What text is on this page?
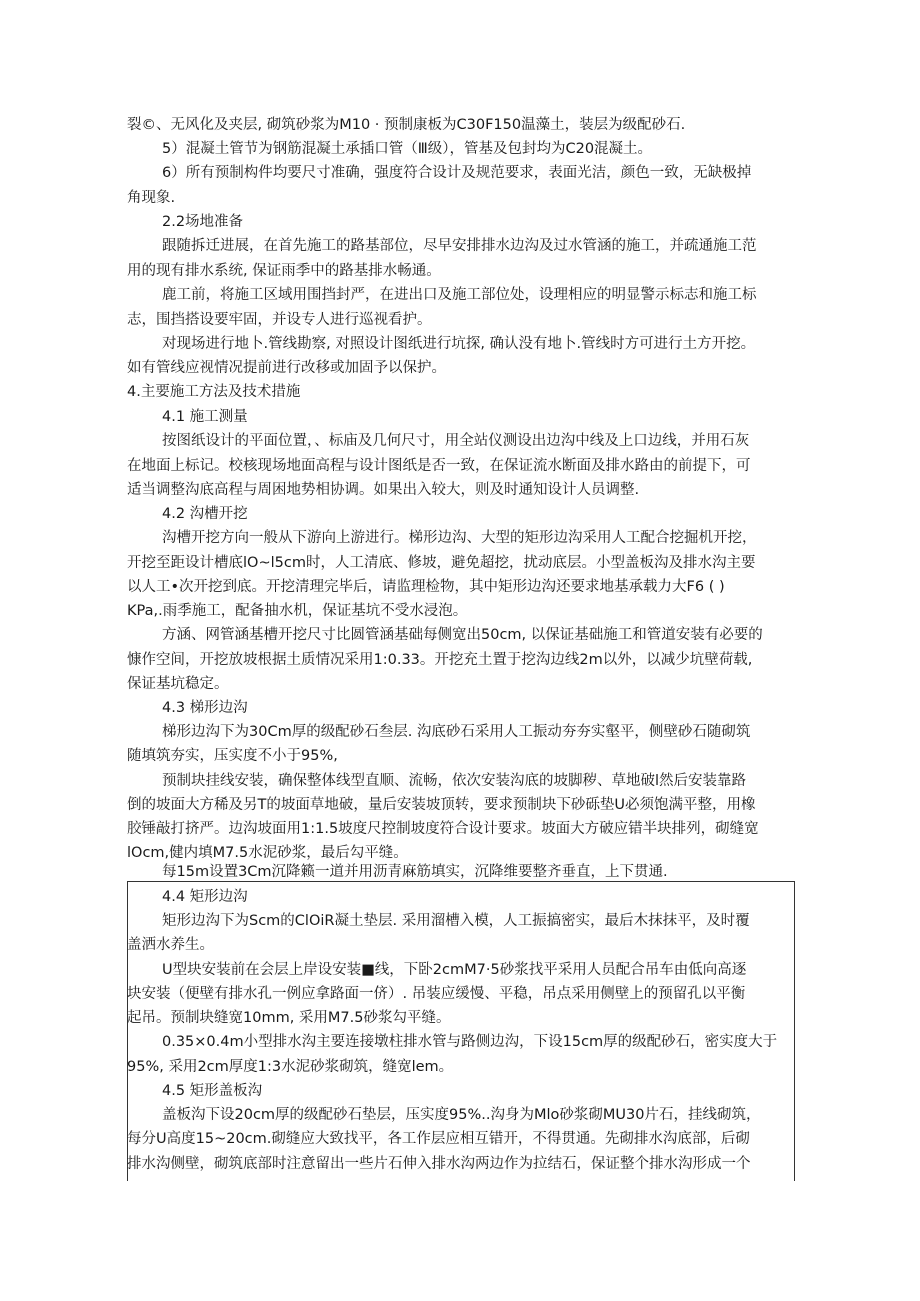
裂©、无风化及夹层, 砌筑砂浆为M10 · 预制康板为C30F150温藻土，装层为级配砂石.
5）混凝土管节为钢筋混凝土承插口管（Ⅲ级），管基及包封均为C20混凝土。
6）所有预制构件均要尺寸准确，强度符合设计及规范要求，表面光洁，颜色一致，无缺极掉
角现象.
2.2场地准备
跟随拆迁进展，在首先施工的路基部位，尽早安排排水边沟及过水管涵的施工，并疏通施工范
用的现有排水系统, 保证雨季中的路基排水畅通。
鹿工前，将施工区域用围挡封严，在进出口及施工部位处，设理相应的明显警示标志和施工标
志，围挡搭设要牢固，并设专人进行巡视看护。
对现场进行地卜.管线勘察, 对照设计图纸进行坑探, 确认没有地卜.管线时方可进行土方开挖。
如有管线应视情况提前进行改移或加固予以保护。
4.主要施工方法及技术措施
4.1 施工测量
按图纸设计的平面位置，、标庙及几何尺寸，用全站仪测设出边沟中线及上口边线，并用石灰
在地面上标记。校核现场地面高程与设计图纸是否一致，在保证流水断面及排水路由的前提下，可
适当调整沟底高程与周困地势相协调。如果出入较大，则及时通知设计人员调整.
4.2 沟槽开挖
沟槽开挖方向一般从下游向上游进行。梯形边沟、大型的矩形边沟采用人工配合挖掘机开挖，
开挖至距设计槽底lO~l5cm时，人工清底、修坡，避免超挖，扰动底层。小型盖板沟及排水沟主要
以人工•次开挖到底。开挖清理完毕后，请监理检物，其中矩形边沟还要求地基承载力大F6 ( )
KPa,.雨季施工，配备抽水机，保证基坑不受水浸泡。
方涵、网管涵基槽开挖尺寸比圆管涵基础每侧宽出50cm, 以保证基础施工和管道安装有必要的
慷作空间，开挖放坡根据土质情况采用1:0.33。开挖充土置于挖沟边线2m以外，以减少坑壁荷载,
保证基坑稳定。
4.3 梯形边沟
梯形边沟下为30Cm厚的级配砂石叁层. 沟底砂石采用人工振动夯夯实壑平，侧壁砂石随砌筑
随填筑夯实，压实度不小于95%,
预制块挂线安装，确保整体线型直顺、流畅，依次安装沟底的坡脚秽、草地破l然后安装靠路
倒的坡面大方稀及另T的坡面草地破，量后安装坡顶转，要求预制块下砂砾垫U必须饱满平整，用橡
胶锤敲打挤严。边沟坡面用1:1.5坡度尺控制坡度符合设计要求。坡面大方破应错半块排列，砌缝宽
lOcm,健内填M7.5水泥砂浆，最后勾平缝。
每15m设置3Cm沉降籁一道并用沥青麻筋填实，沉降维要整齐垂直，上下贯通.
4.4 矩形边沟
矩形边沟下为Scm的ClOiR凝土垫层. 采用溜槽入模，人工振搞密实，最后木抹抹平，及时覆
盖洒水养生。
U型块安装前在会层上岸设安装■线，下卧2cmM7·5砂浆找平采用人员配合吊车由低向高逐
块安装（便壁有排水孔一例应拿路面一侪）. 吊装应缓慢、平稳，吊点采用侧壁上的预留孔以平衡
起吊。预制块缝宽10mm, 采用M7.5砂浆勾平缝。
0.35×0.4m小型排水沟主要连接墩柱排水管与路侧边沟，下设15cm厚的级配砂石，密实度大于
95%, 采用2cm厚度1:3水泥砂浆砌筑，缝宽lem。
4.5 矩形盖板沟
盖板沟下设20cm厚的级配砂石垫层，压实度95%..沟身为Mlo砂浆砌MU30片石，挂线砌筑，
每分U高度15~20cm.砌缝应大致找平，各工作层应相互错开，不得贯通。先砌排水沟底部，后砌
排水沟侧壁，砌筑底部时注意留出一些片石伸入排水沟两边作为拉结石，保证整个排水沟形成一个
